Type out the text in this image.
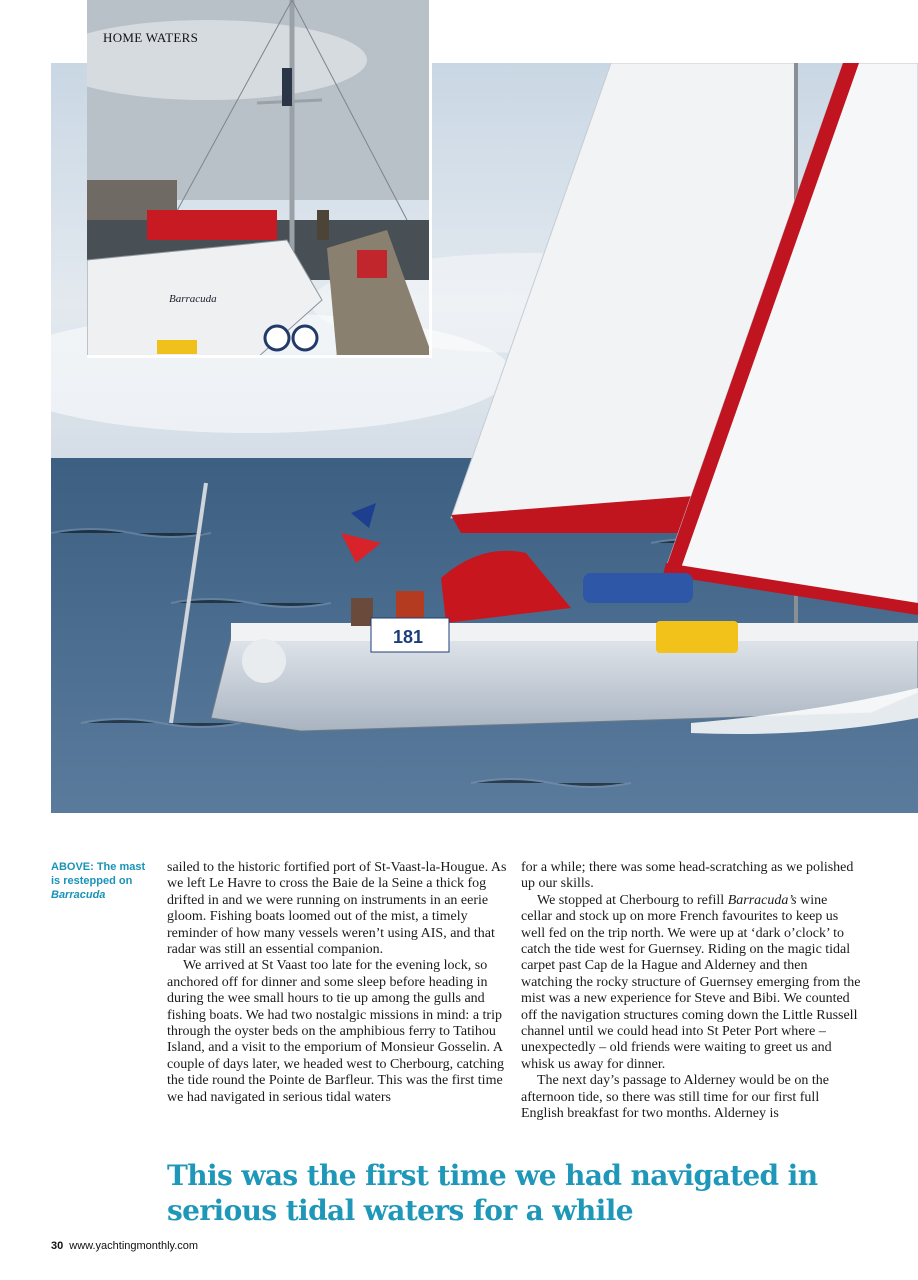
181
Barracuda
HOME WATERS
ABOVE: The mast is restepped on Barracuda

sailed to the historic fortified port of St-Vaast-la-Hougue. As we left Le Havre to cross the Baie de la Seine a thick fog drifted in and we were running on instruments in an eerie gloom. Fishing boats loomed out of the mist, a timely reminder of how many vessels weren’t using AIS, and that radar was still an essential companion.

We arrived at St Vaast too late for the evening lock, so anchored off for dinner and some sleep before heading in during the wee small hours to tie up among the gulls and fishing boats. We had two nostalgic missions in mind: a trip through the oyster beds on the amphibious ferry to Tatihou Island, and a visit to the emporium of Monsieur Gosselin. A couple of days later, we headed west to Cherbourg, catching the tide round the Pointe de Barfleur. This was the first time we had navigated in serious tidal waters

for a while; there was some head-scratching as we polished up our skills.

We stopped at Cherbourg to refill Barracuda’s wine cellar and stock up on more French favourites to keep us well fed on the trip north. We were up at ‘dark o’clock’ to catch the tide west for Guernsey. Riding on the magic tidal carpet past Cap de la Hague and Alderney and then watching the rocky structure of Guernsey emerging from the mist was a new experience for Steve and Bibi. We counted off the navigation structures coming down the Little Russell channel until we could head into St Peter Port where – unexpectedly – old friends were waiting to greet us and whisk us away for dinner.

The next day’s passage to Alderney would be on the afternoon tide, so there was still time for our first full English breakfast for two months. Alderney is

This was the first time we had navigated in serious tidal waters for a while
30 www.yachtingmonthly.com
